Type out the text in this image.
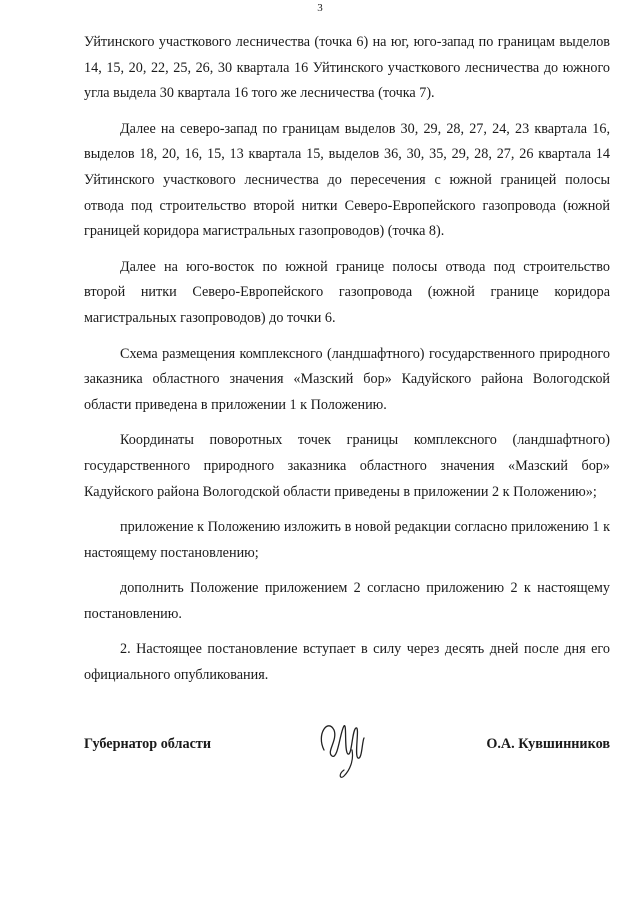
3

Уйтинского участкового лесничества (точка 6) на юг, юго-запад по границам выделов 14, 15, 20, 22, 25, 26, 30 квартала 16 Уйтинского участкового лесничества до южного угла выдела 30 квартала 16 того же лесничества (точка 7).

Далее на северо-запад по границам выделов 30, 29, 28, 27, 24, 23 квартала 16, выделов 18, 20, 16, 15, 13 квартала 15, выделов 36, 30, 35, 29, 28, 27, 26 квартала 14 Уйтинского участкового лесничества до пересечения с южной границей полосы отвода под строительство второй нитки Северо-Европейского газопровода (южной границей коридора магистральных газопроводов) (точка 8).

Далее на юго-восток по южной границе полосы отвода под строительство второй нитки Северо-Европейского газопровода (южной границе коридора магистральных газопроводов) до точки 6.

Схема размещения комплексного (ландшафтного) государственного природного заказника областного значения «Мазский бор» Кадуйского района Вологодской области приведена в приложении 1 к Положению.

Координаты поворотных точек границы комплексного (ландшафтного) государственного природного заказника областного значения «Мазский бор» Кадуйского района Вологодской области приведены в приложении 2 к Положению»;

приложение к Положению изложить в новой редакции согласно приложению 1 к настоящему постановлению;

дополнить Положение приложением 2 согласно приложению 2 к настоящему постановлению.

2. Настоящее постановление вступает в силу через десять дней после дня его официального опубликования.

Губернатор области	О.А. Кувшинников
